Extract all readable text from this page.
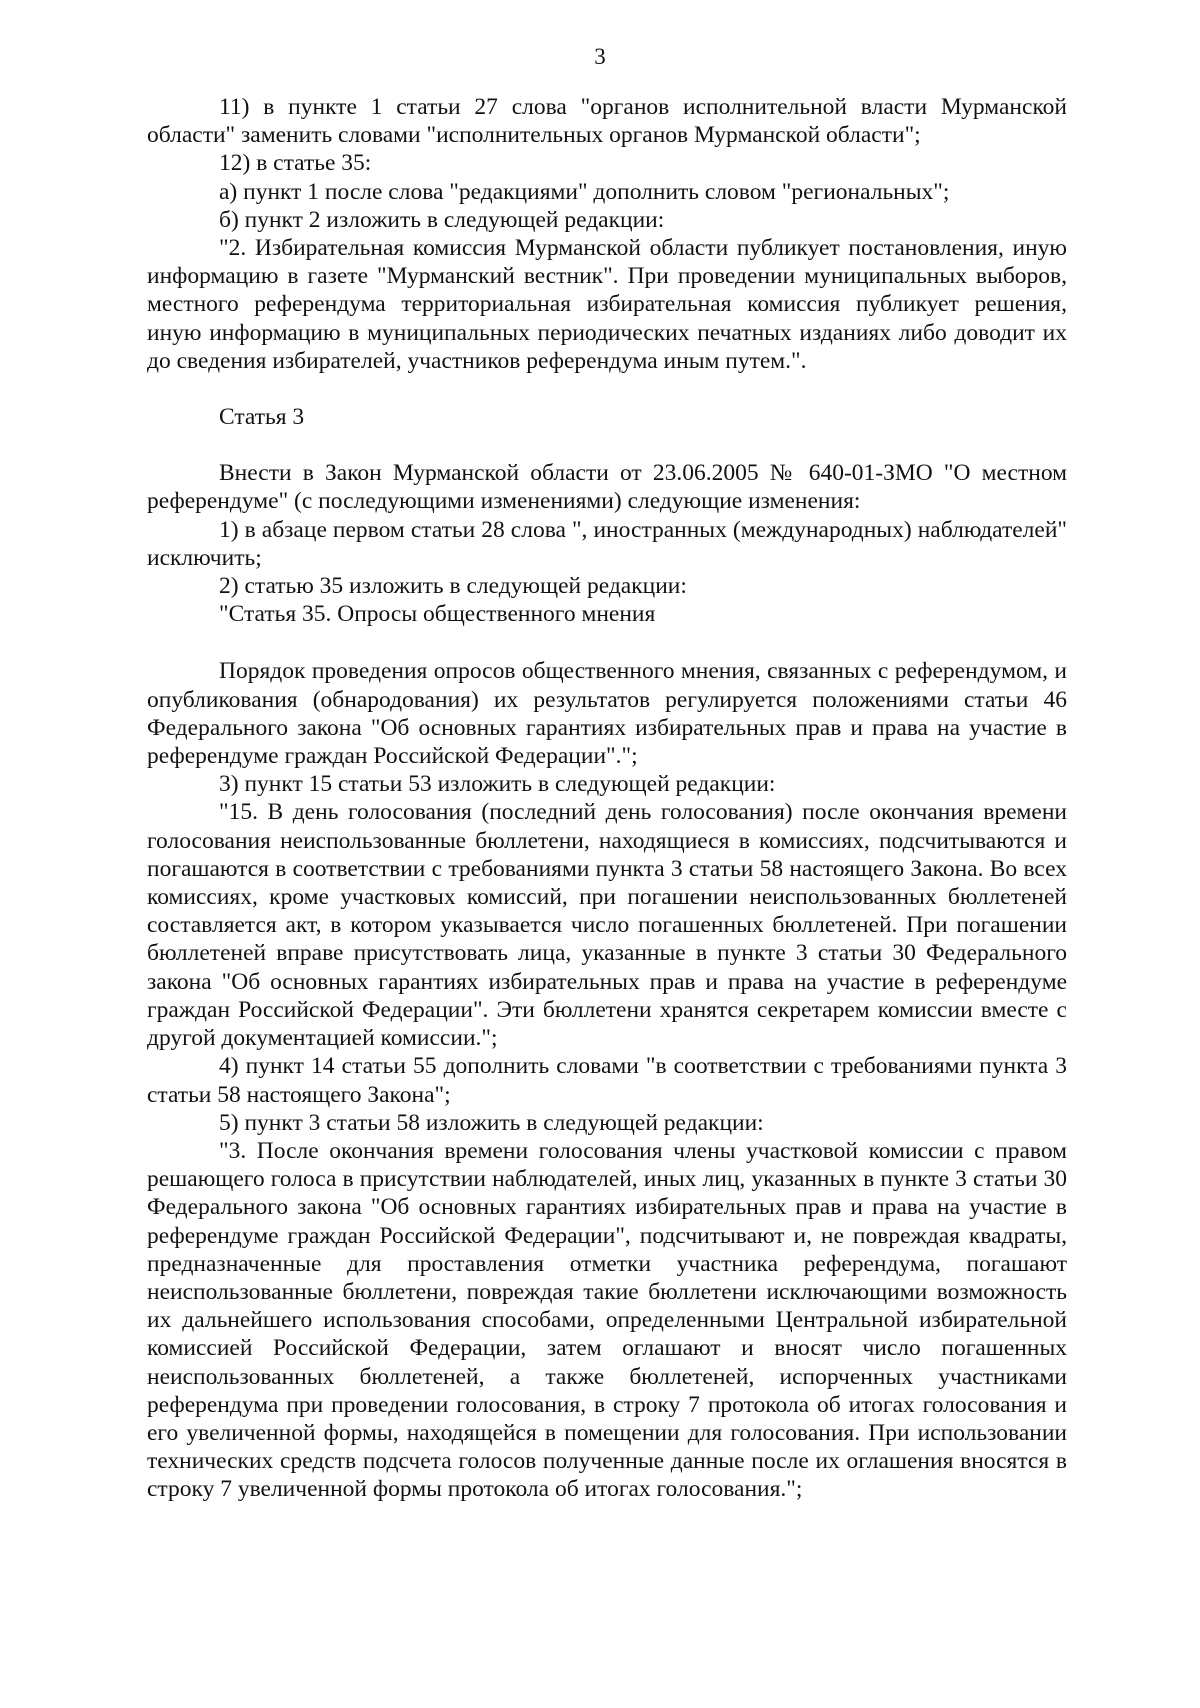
3

11) в пункте 1 статьи 27 слова "органов исполнительной власти Мурманской области" заменить словами "исполнительных органов Мурманской области";

12) в статье 35:

а) пункт 1 после слова "редакциями" дополнить словом "региональных";

б) пункт 2 изложить в следующей редакции:

"2. Избирательная комиссия Мурманской области публикует постановления, иную информацию в газете "Мурманский вестник". При проведении муниципальных выборов, местного референдума территориальная избирательная комиссия публикует решения, иную информацию в муниципальных периодических печатных изданиях либо доводит их до сведения избирателей, участников референдума иным путем.".

Статья 3

Внести в Закон Мурманской области от 23.06.2005 № 640-01-ЗМО "О местном референдуме" (с последующими изменениями) следующие изменения:

1) в абзаце первом статьи 28 слова ", иностранных (международных) наблюдателей" исключить;

2) статью 35 изложить в следующей редакции:

"Статья 35. Опросы общественного мнения

Порядок проведения опросов общественного мнения, связанных с референдумом, и опубликования (обнародования) их результатов регулируется положениями статьи 46 Федерального закона "Об основных гарантиях избирательных прав и права на участие в референдуме граждан Российской Федерации".";

3) пункт 15 статьи 53 изложить в следующей редакции:

"15. В день голосования (последний день голосования) после окончания времени голосования неиспользованные бюллетени, находящиеся в комиссиях, подсчитываются и погашаются в соответствии с требованиями пункта 3 статьи 58 настоящего Закона. Во всех комиссиях, кроме участковых комиссий, при погашении неиспользованных бюллетеней составляется акт, в котором указывается число погашенных бюллетеней. При погашении бюллетеней вправе присутствовать лица, указанные в пункте 3 статьи 30 Федерального закона "Об основных гарантиях избирательных прав и права на участие в референдуме граждан Российской Федерации". Эти бюллетени хранятся секретарем комиссии вместе с другой документацией комиссии.";

4) пункт 14 статьи 55 дополнить словами "в соответствии с требованиями пункта 3 статьи 58 настоящего Закона";

5) пункт 3 статьи 58 изложить в следующей редакции:

"3. После окончания времени голосования члены участковой комиссии с правом решающего голоса в присутствии наблюдателей, иных лиц, указанных в пункте 3 статьи 30 Федерального закона "Об основных гарантиях избирательных прав и права на участие в референдуме граждан Российской Федерации", подсчитывают и, не повреждая квадраты, предназначенные для проставления отметки участника референдума, погашают неиспользованные бюллетени, повреждая такие бюллетени исключающими возможность их дальнейшего использования способами, определенными Центральной избирательной комиссией Российской Федерации, затем оглашают и вносят число погашенных неиспользованных бюллетеней, а также бюллетеней, испорченных участниками референдума при проведении голосования, в строку 7 протокола об итогах голосования и его увеличенной формы, находящейся в помещении для голосования. При использовании технических средств подсчета голосов полученные данные после их оглашения вносятся в строку 7 увеличенной формы протокола об итогах голосования.";
